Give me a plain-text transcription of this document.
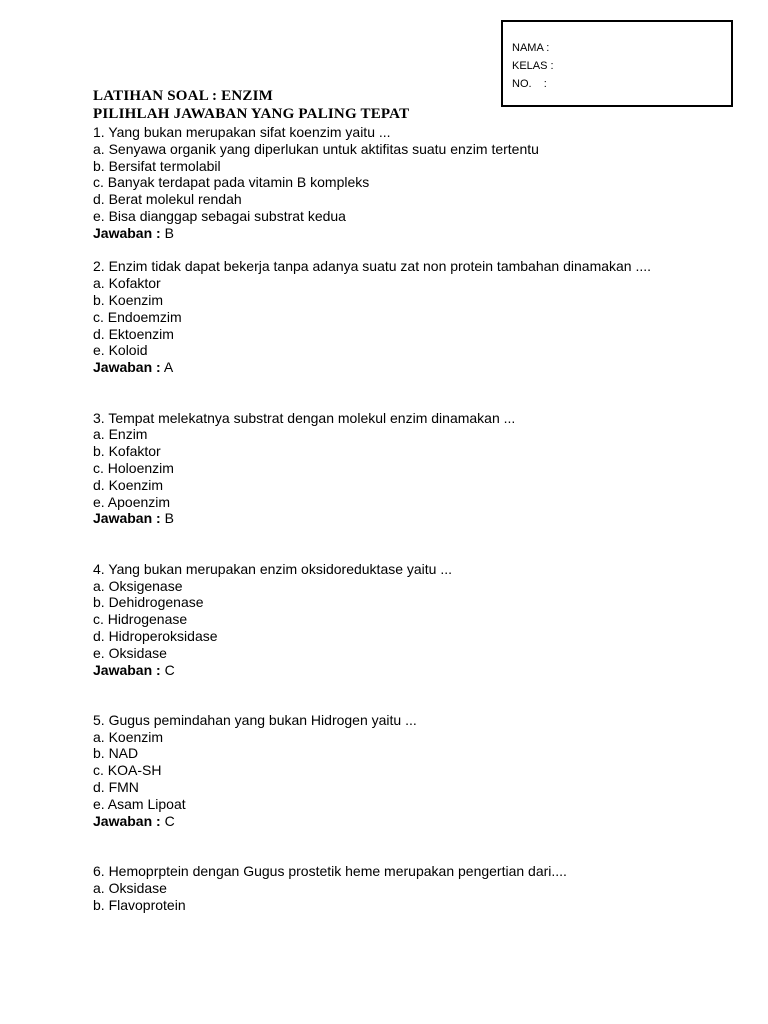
NAMA :
KELAS :
NO.    :
LATIHAN SOAL : ENZIM
PILIHLAH JAWABAN YANG PALING TEPAT
1. Yang bukan merupakan sifat koenzim yaitu ...
a. Senyawa organik yang diperlukan untuk aktifitas suatu enzim tertentu
b. Bersifat termolabil
c. Banyak terdapat pada vitamin B kompleks
d. Berat molekul rendah
e. Bisa dianggap sebagai substrat kedua
Jawaban : B
2. Enzim tidak dapat bekerja tanpa adanya suatu zat non protein tambahan dinamakan ....
a. Kofaktor
b. Koenzim
c. Endoemzim
d. Ektoenzim
e. Koloid
Jawaban : A
3. Tempat melekatnya substrat dengan molekul enzim dinamakan ...
a. Enzim
b. Kofaktor
c. Holoenzim
d. Koenzim
e. Apoenzim
Jawaban : B
4. Yang bukan merupakan enzim oksidoreduktase yaitu ...
a. Oksigenase
b. Dehidrogenase
c. Hidrogenase
d. Hidroperoksidase
e. Oksidase
Jawaban : C
5. Gugus pemindahan yang bukan Hidrogen yaitu ...
a. Koenzim
b. NAD
c. KOA-SH
d. FMN
e. Asam Lipoat
Jawaban : C
6. Hemoprptein dengan Gugus prostetik heme merupakan pengertian dari....
a. Oksidase
b. Flavoprotein
